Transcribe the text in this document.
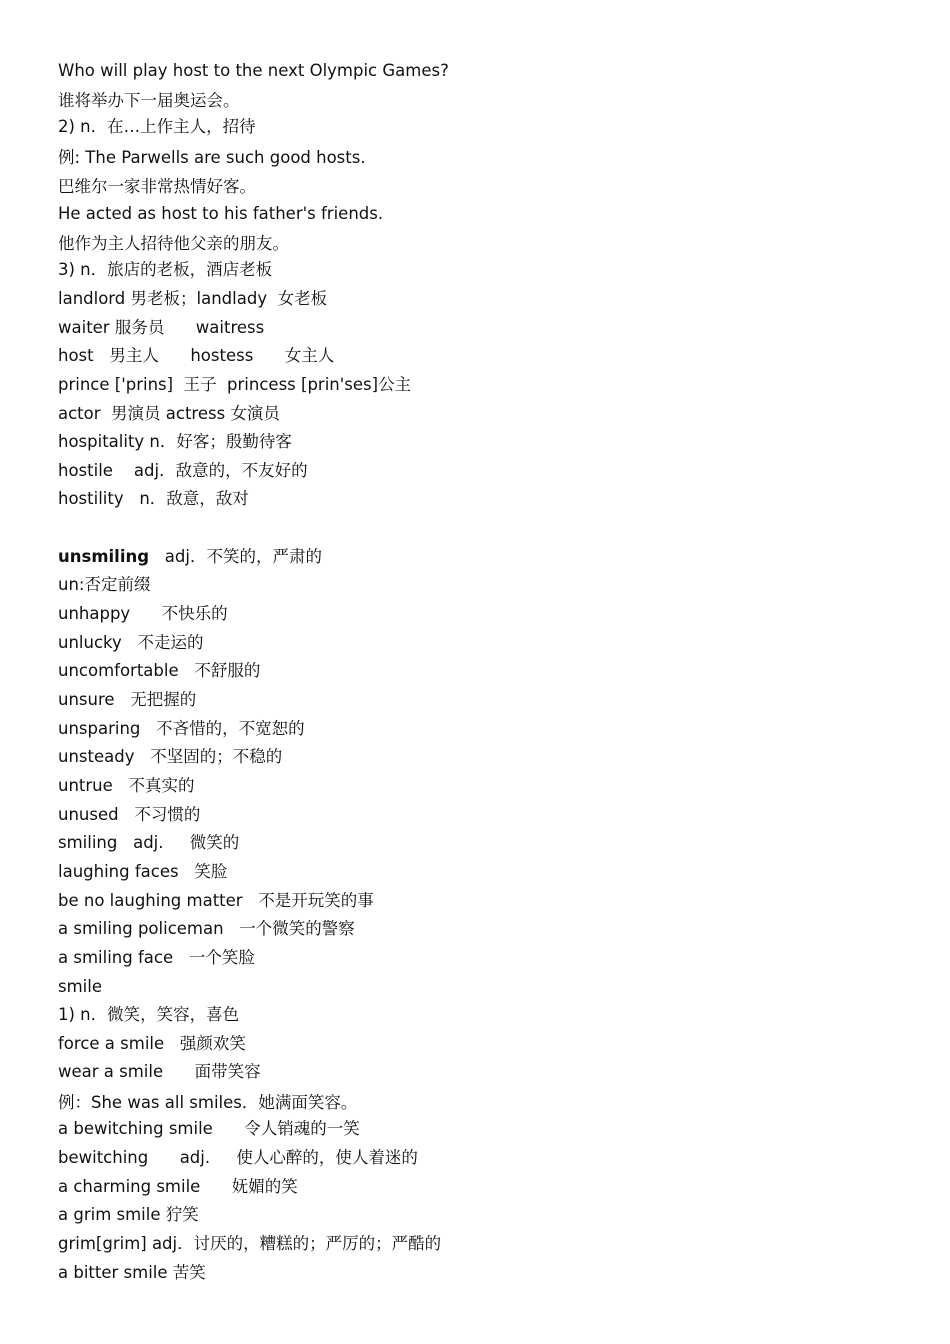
Who will play host to the next Olympic Games?
谁将举办下一届奥运会。
2) n．在…上作主人，招待
例: The Parwells are such good hosts.
巴维尔一家非常热情好客。
He acted as host to his father's friends.
他作为主人招待他父亲的朋友。
3) n．旅店的老板，酒店老板
landlord 男老板；landlady  女老板
waiter 服务员      waitress
host   男主人      hostess      女主人
prince ['prins]  王子  princess [prin'ses]公主
actor  男演员 actress 女演员
hospitality n．好客；殷勤待客
hostile    adj．敌意的，不友好的
hostility   n．敌意，敌对
unsmiling   adj．不笑的，严肃的
un:否定前缀
unhappy      不快乐的
unlucky   不走运的
uncomfortable   不舒服的
unsure   无把握的
unsparing   不吝惜的，不宽恕的
unsteady   不坚固的；不稳的
untrue   不真实的
unused   不习惯的
smiling   adj.     微笑的
laughing faces   笑脸
be no laughing matter   不是开玩笑的事
a smiling policeman   一个微笑的警察
a smiling face   一个笑脸
smile
1) n．微笑，笑容，喜色
force a smile   强颜欢笑
wear a smile      面带笑容
例：She was all smiles．她满面笑容。
a bewitching smile      令人销魂的一笑
bewitching      adj.     使人心醉的，使人着迷的
a charming smile      妩媚的笑
a grim smile 狞笑
grim[grim] adj．讨厌的，糟糕的；严厉的；严酷的
a bitter smile 苦笑
